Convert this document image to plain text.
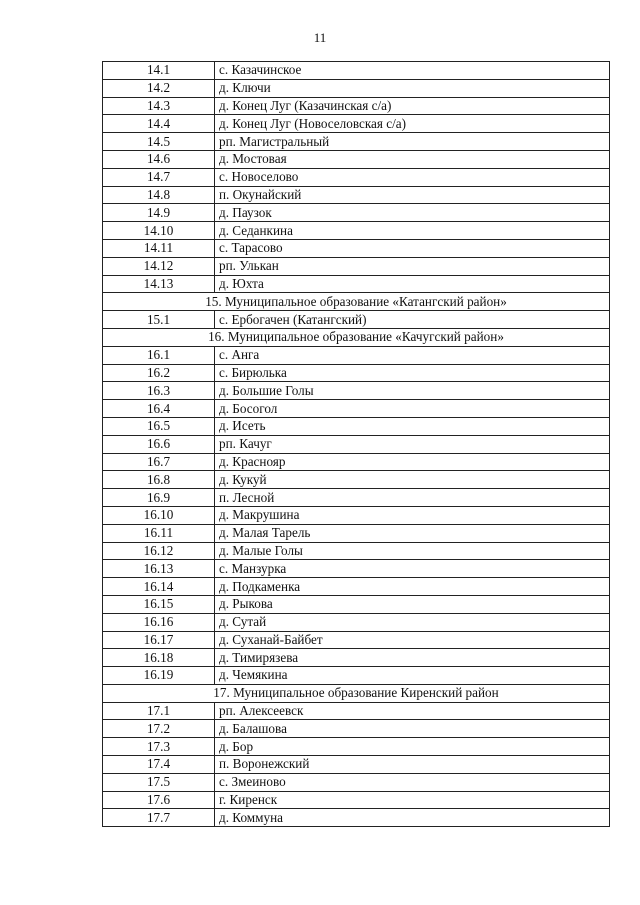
11
14.1	с. Казачинское
14.2	д. Ключи
14.3	д. Конец Луг (Казачинская с/а)
14.4	д. Конец Луг (Новоселовская с/а)
14.5	рп. Магистральный
14.6	д. Мостовая
14.7	с. Новоселово
14.8	п. Окунайский
14.9	д. Паузок
14.10	д. Седанкина
14.11	с. Тарасово
14.12	рп. Улькан
14.13	д. Юхта
15. Муниципальное образование «Катангский район»	
15.1	с. Ербогачен (Катангский)
16. Муниципальное образование «Качугский район»	
16.1	с. Анга
16.2	с. Бирюлька
16.3	д. Большие Голы
16.4	д. Босогол
16.5	д. Исеть
16.6	рп. Качуг
16.7	д. Краснояр
16.8	д. Кукуй
16.9	п. Лесной
16.10	д. Макрушина
16.11	д. Малая Тарель
16.12	д. Малые Голы
16.13	с. Манзурка
16.14	д. Подкаменка
16.15	д. Рыкова
16.16	д. Сутай
16.17	д. Суханай-Байбет
16.18	д. Тимирязева
16.19	д. Чемякина
17. Муниципальное образование Киренский район	
17.1	рп. Алексеевск
17.2	д. Балашова
17.3	д. Бор
17.4	п. Воронежский
17.5	с. Змеиново
17.6	г. Киренск
17.7	д. Коммуна
